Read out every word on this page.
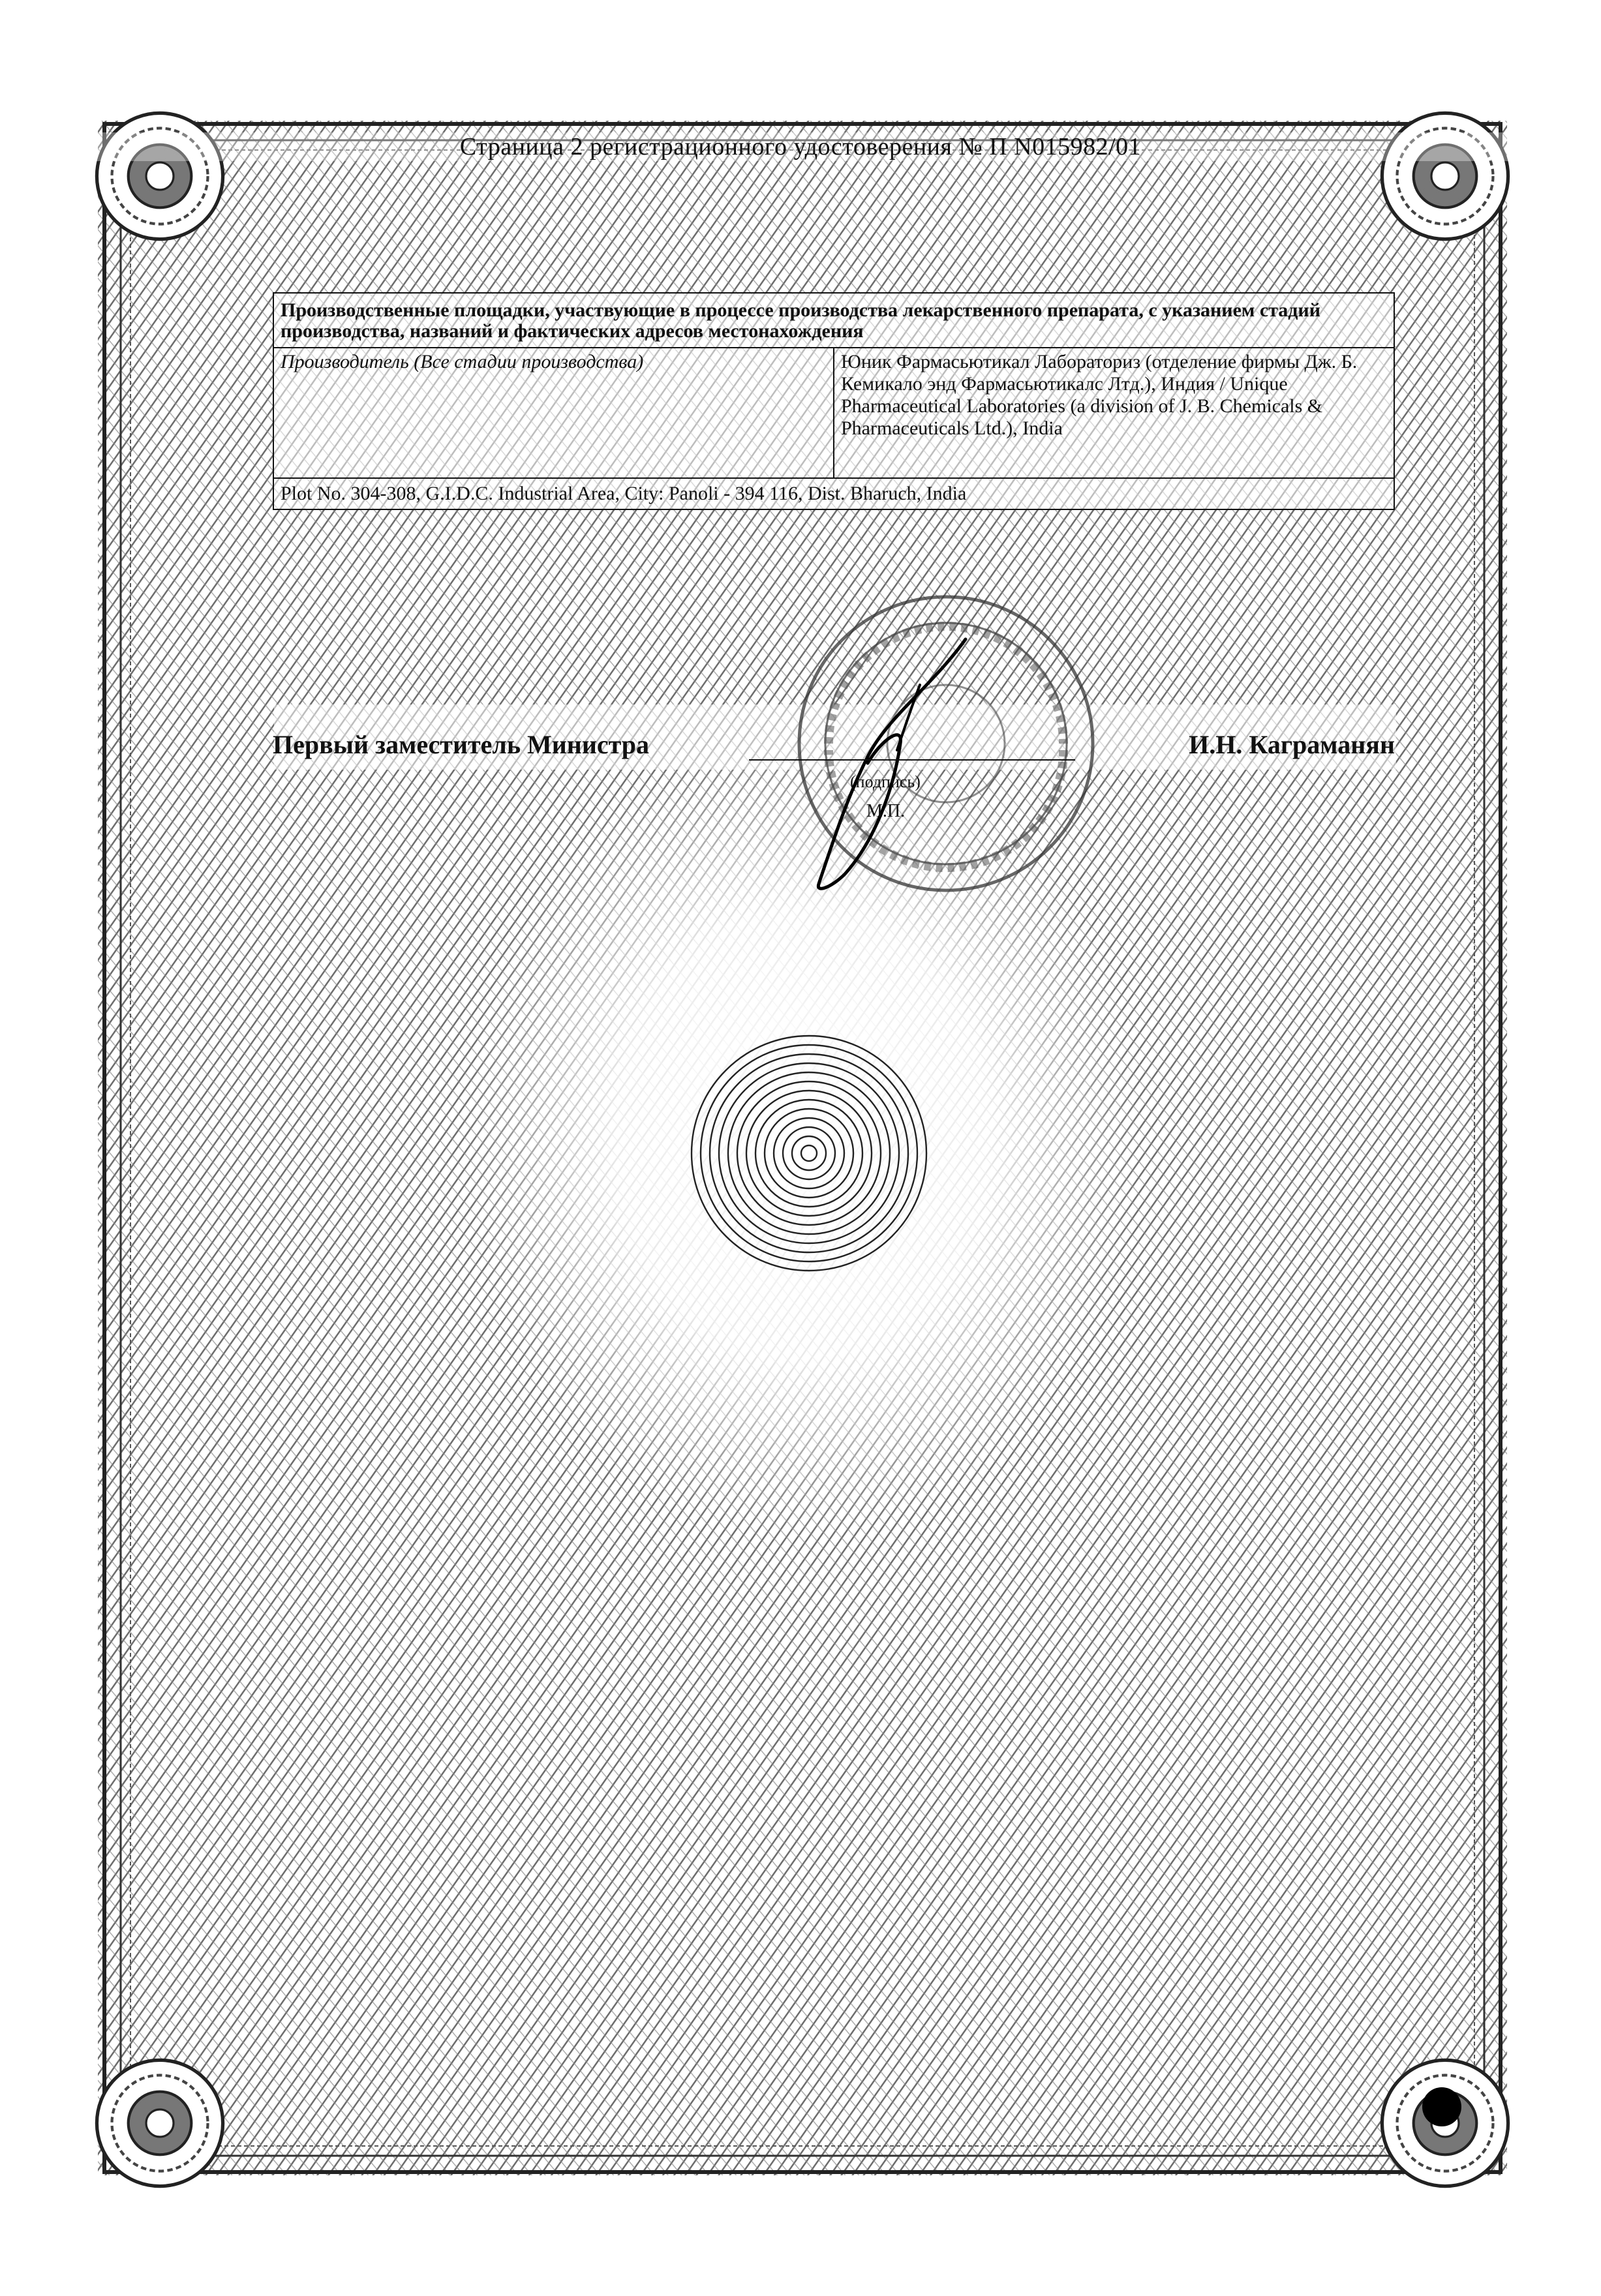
Страница 2 регистрационного удостоверения № П N015982/01
Производственные площадки, участвующие в процессе производства лекарственного препарата, с указанием стадий производства, названий и фактических адресов местонахождения
Производитель (Все стадии производства)	Юник Фармасьютикал Лабораториз (отделение фирмы Дж. Б. Кемикало энд Фармасьютикалс Лтд.), Индия / Unique Pharmaceutical Laboratories (a division of J. B. Chemicals & Pharmaceuticals Ltd.), India
Plot No. 304-308, G.I.D.C. Industrial Area, City: Panoli - 394 116, Dist. Bharuch, India
Первый заместитель Министра
(подпись)
М.П.
И.Н. Каграманян
